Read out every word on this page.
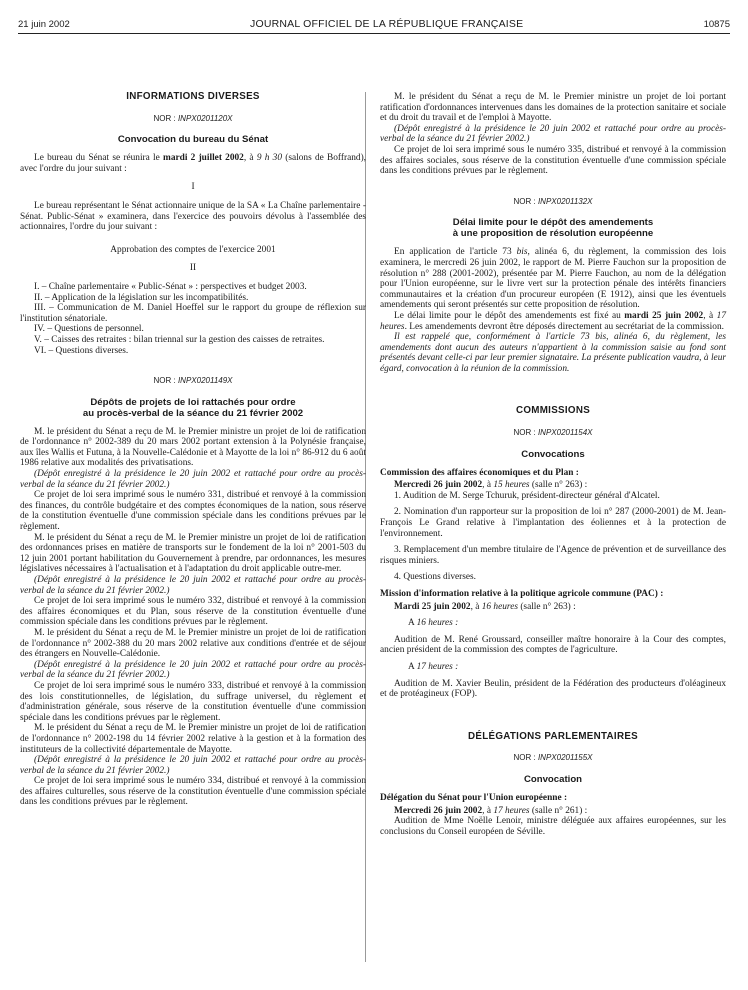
21 juin 2002	JOURNAL OFFICIEL DE LA RÉPUBLIQUE FRANÇAISE	10875
INFORMATIONS DIVERSES
NOR : INPX0201120X
Convocation du bureau du Sénat

Le bureau du Sénat se réunira le mardi 2 juillet 2002, à 9 h 30 (salons de Boffrand), avec l'ordre du jour suivant :

I

Le bureau représentant le Sénat actionnaire unique de la SA « La Chaîne parlementaire - Sénat. Public-Sénat » examinera, dans l'exercice des pouvoirs dévolus à l'assemblée des actionnaires, l'ordre du jour suivant :

Approbation des comptes de l'exercice 2001

II

I. – Chaîne parlementaire « Public-Sénat » : perspectives et budget 2003.

II. – Application de la législation sur les incompatibilités.

III. – Communication de M. Daniel Hoeffel sur le rapport du groupe de réflexion sur l'institution sénatoriale.

IV. – Questions de personnel.

V. – Caisses des retraites : bilan triennal sur la gestion des caisses de retraites.

VI. – Questions diverses.

NOR : INPX0201149X
Dépôts de projets de loi rattachés pour ordre
au procès-verbal de la séance du 21 février 2002

M. le président du Sénat a reçu de M. le Premier ministre un projet de loi de ratification de l'ordonnance n° 2002-389 du 20 mars 2002 portant extension à la Polynésie française, aux îles Wallis et Futuna, à la Nouvelle-Calédonie et à Mayotte de la loi n° 86-912 du 6 août 1986 relative aux modalités des privatisations.

(Dépôt enregistré à la présidence le 20 juin 2002 et rattaché pour ordre au procès-verbal de la séance du 21 février 2002.)

Ce projet de loi sera imprimé sous le numéro 331, distribué et renvoyé à la commission des finances, du contrôle budgétaire et des comptes économiques de la nation, sous réserve de la constitution éventuelle d'une commission spéciale dans les conditions prévues par le règlement.

M. le président du Sénat a reçu de M. le Premier ministre un projet de loi de ratification des ordonnances prises en matière de transports sur le fondement de la loi n° 2001-503 du 12 juin 2001 portant habilitation du Gouvernement à prendre, par ordonnances, les mesures législatives nécessaires à l'actualisation et à l'adaptation du droit applicable outre-mer.

(Dépôt enregistré à la présidence le 20 juin 2002 et rattaché pour ordre au procès-verbal de la séance du 21 février 2002.)

Ce projet de loi sera imprimé sous le numéro 332, distribué et renvoyé à la commission des affaires économiques et du Plan, sous réserve de la constitution éventuelle d'une commission spéciale dans les conditions prévues par le règlement.

M. le président du Sénat a reçu de M. le Premier ministre un projet de loi de ratification de l'ordonnance n° 2002-388 du 20 mars 2002 relative aux conditions d'entrée et de séjour des étrangers en Nouvelle-Calédonie.

(Dépôt enregistré à la présidence le 20 juin 2002 et rattaché pour ordre au procès-verbal de la séance du 21 février 2002.)

Ce projet de loi sera imprimé sous le numéro 333, distribué et renvoyé à la commission des lois constitutionnelles, de législation, du suffrage universel, du règlement et d'administration générale, sous réserve de la constitution éventuelle d'une commission spéciale dans les conditions prévues par le règlement.

M. le président du Sénat a reçu de M. le Premier ministre un projet de loi de ratification de l'ordonnance n° 2002-198 du 14 février 2002 relative à la gestion et à la formation des instituteurs de la collectivité départementale de Mayotte.

(Dépôt enregistré à la présidence le 20 juin 2002 et rattaché pour ordre au procès-verbal de la séance du 21 février 2002.)

Ce projet de loi sera imprimé sous le numéro 334, distribué et renvoyé à la commission des affaires culturelles, sous réserve de la constitution éventuelle d'une commission spéciale dans les conditions prévues par le règlement.

M. le président du Sénat a reçu de M. le Premier ministre un projet de loi portant ratification d'ordonnances intervenues dans les domaines de la protection sanitaire et sociale et du droit du travail et de l'emploi à Mayotte.

(Dépôt enregistré à la présidence le 20 juin 2002 et rattaché pour ordre au procès-verbal de la séance du 21 février 2002.)

Ce projet de loi sera imprimé sous le numéro 335, distribué et renvoyé à la commission des affaires sociales, sous réserve de la constitution éventuelle d'une commission spéciale dans les conditions prévues par le règlement.

NOR : INPX0201132X
Délai limite pour le dépôt des amendements
à une proposition de résolution européenne

En application de l'article 73 bis, alinéa 6, du règlement, la commission des lois examinera, le mercredi 26 juin 2002, le rapport de M. Pierre Fauchon sur la proposition de résolution n° 288 (2001-2002), présentée par M. Pierre Fauchon, au nom de la délégation pour l'Union européenne, sur le livre vert sur la protection pénale des intérêts financiers communautaires et la création d'un procureur européen (E 1912), ainsi que les éventuels amendements qui seront présentés sur cette proposition de résolution.

Le délai limite pour le dépôt des amendements est fixé au mardi 25 juin 2002, à 17 heures. Les amendements devront être déposés directement au secrétariat de la commission.

Il est rappelé que, conformément à l'article 73 bis, alinéa 6, du règlement, les amendements dont aucun des auteurs n'appartient à la commission saisie au fond sont présentés devant celle-ci par leur premier signataire. La présente publication vaudra, à leur égard, convocation à la réunion de la commission.

COMMISSIONS
NOR : INPX0201154X
Convocations

Commission des affaires économiques et du Plan :

Mercredi 26 juin 2002, à 15 heures (salle n° 263) :

1. Audition de M. Serge Tchuruk, président-directeur général d'Alcatel.

2. Nomination d'un rapporteur sur la proposition de loi n° 287 (2000-2001) de M. Jean-François Le Grand relative à l'implantation des éoliennes et à la protection de l'environnement.

3. Remplacement d'un membre titulaire de l'Agence de prévention et de surveillance des risques miniers.

4. Questions diverses.

Mission d'information relative à la politique agricole commune (PAC) :

Mardi 25 juin 2002, à 16 heures (salle n° 263) :

A 16 heures :

Audition de M. René Groussard, conseiller maître honoraire à la Cour des comptes, ancien président de la commission des comptes de l'agriculture.

A 17 heures :

Audition de M. Xavier Beulin, président de la Fédération des producteurs d'oléagineux et de protéagineux (FOP).

DÉLÉGATIONS PARLEMENTAIRES
NOR : INPX0201155X
Convocation

Délégation du Sénat pour l'Union européenne :

Mercredi 26 juin 2002, à 17 heures (salle n° 261) :

Audition de Mme Noëlle Lenoir, ministre déléguée aux affaires européennes, sur les conclusions du Conseil européen de Séville.
